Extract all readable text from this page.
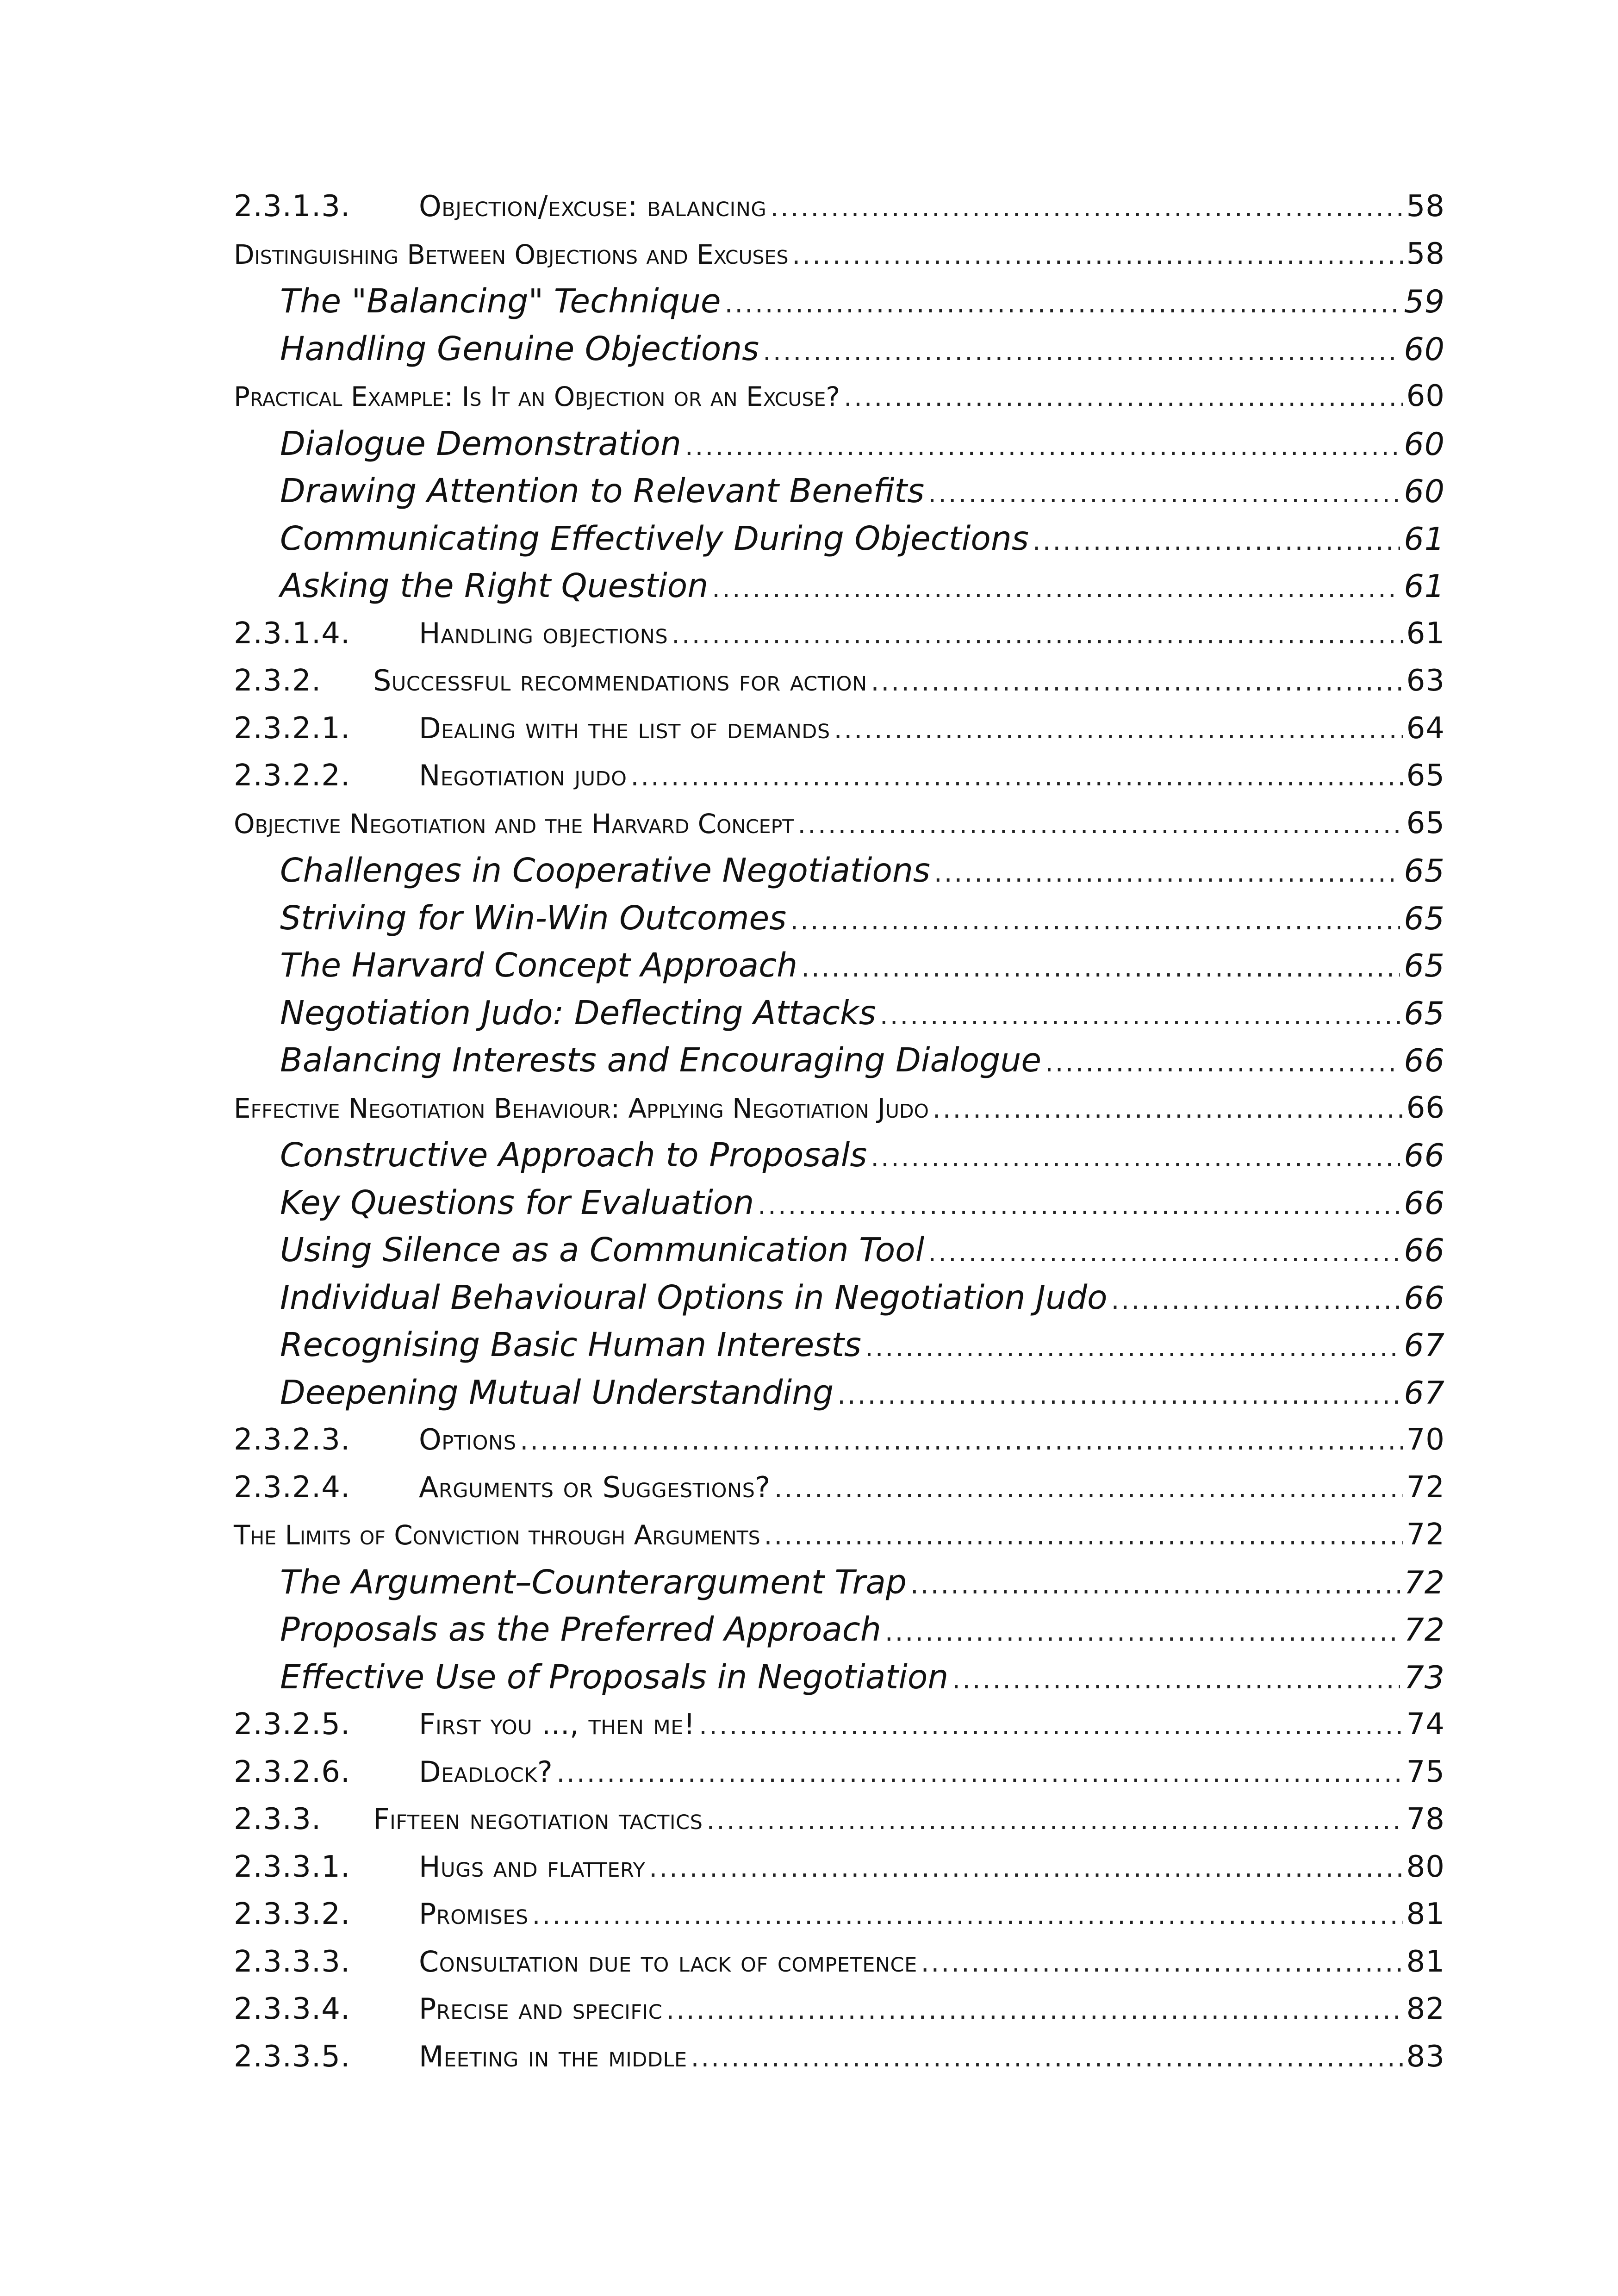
2.3.1.3.	Objection/excuse: balancing .....	58
Distinguishing Between Objections and Excuses .....	58
The "Balancing" Technique .....	59
Handling Genuine Objections .....	60
Practical Example: Is It an Objection or an Excuse? .....	60
Dialogue Demonstration .....	60
Drawing Attention to Relevant Benefits .....	60
Communicating Effectively During Objections .....	61
Asking the Right Question .....	61
2.3.1.4.	Handling objections .....	61
2.3.2.	Successful recommendations for action .....	63
2.3.2.1.	Dealing with the list of demands .....	64
2.3.2.2.	Negotiation judo .....	65
Objective Negotiation and the Harvard Concept .....	65
Challenges in Cooperative Negotiations .....	65
Striving for Win-Win Outcomes .....	65
The Harvard Concept Approach .....	65
Negotiation Judo: Deflecting Attacks .....	65
Balancing Interests and Encouraging Dialogue .....	66
Effective Negotiation Behaviour: Applying Negotiation Judo .....	66
Constructive Approach to Proposals .....	66
Key Questions for Evaluation .....	66
Using Silence as a Communication Tool .....	66
Individual Behavioural Options in Negotiation Judo .....	66
Recognising Basic Human Interests .....	67
Deepening Mutual Understanding .....	67
2.3.2.3.	Options .....	70
2.3.2.4.	Arguments or Suggestions? .....	72
The Limits of Conviction through Arguments .....	72
The Argument–Counterargument Trap .....	72
Proposals as the Preferred Approach .....	72
Effective Use of Proposals in Negotiation .....	73
2.3.2.5.	First you ..., then me! .....	74
2.3.2.6.	Deadlock? .....	75
2.3.3.	Fifteen negotiation tactics .....	78
2.3.3.1.	Hugs and flattery .....	80
2.3.3.2.	Promises .....	81
2.3.3.3.	Consultation due to lack of competence .....	81
2.3.3.4.	Precise and specific .....	82
2.3.3.5.	Meeting in the middle .....	83
